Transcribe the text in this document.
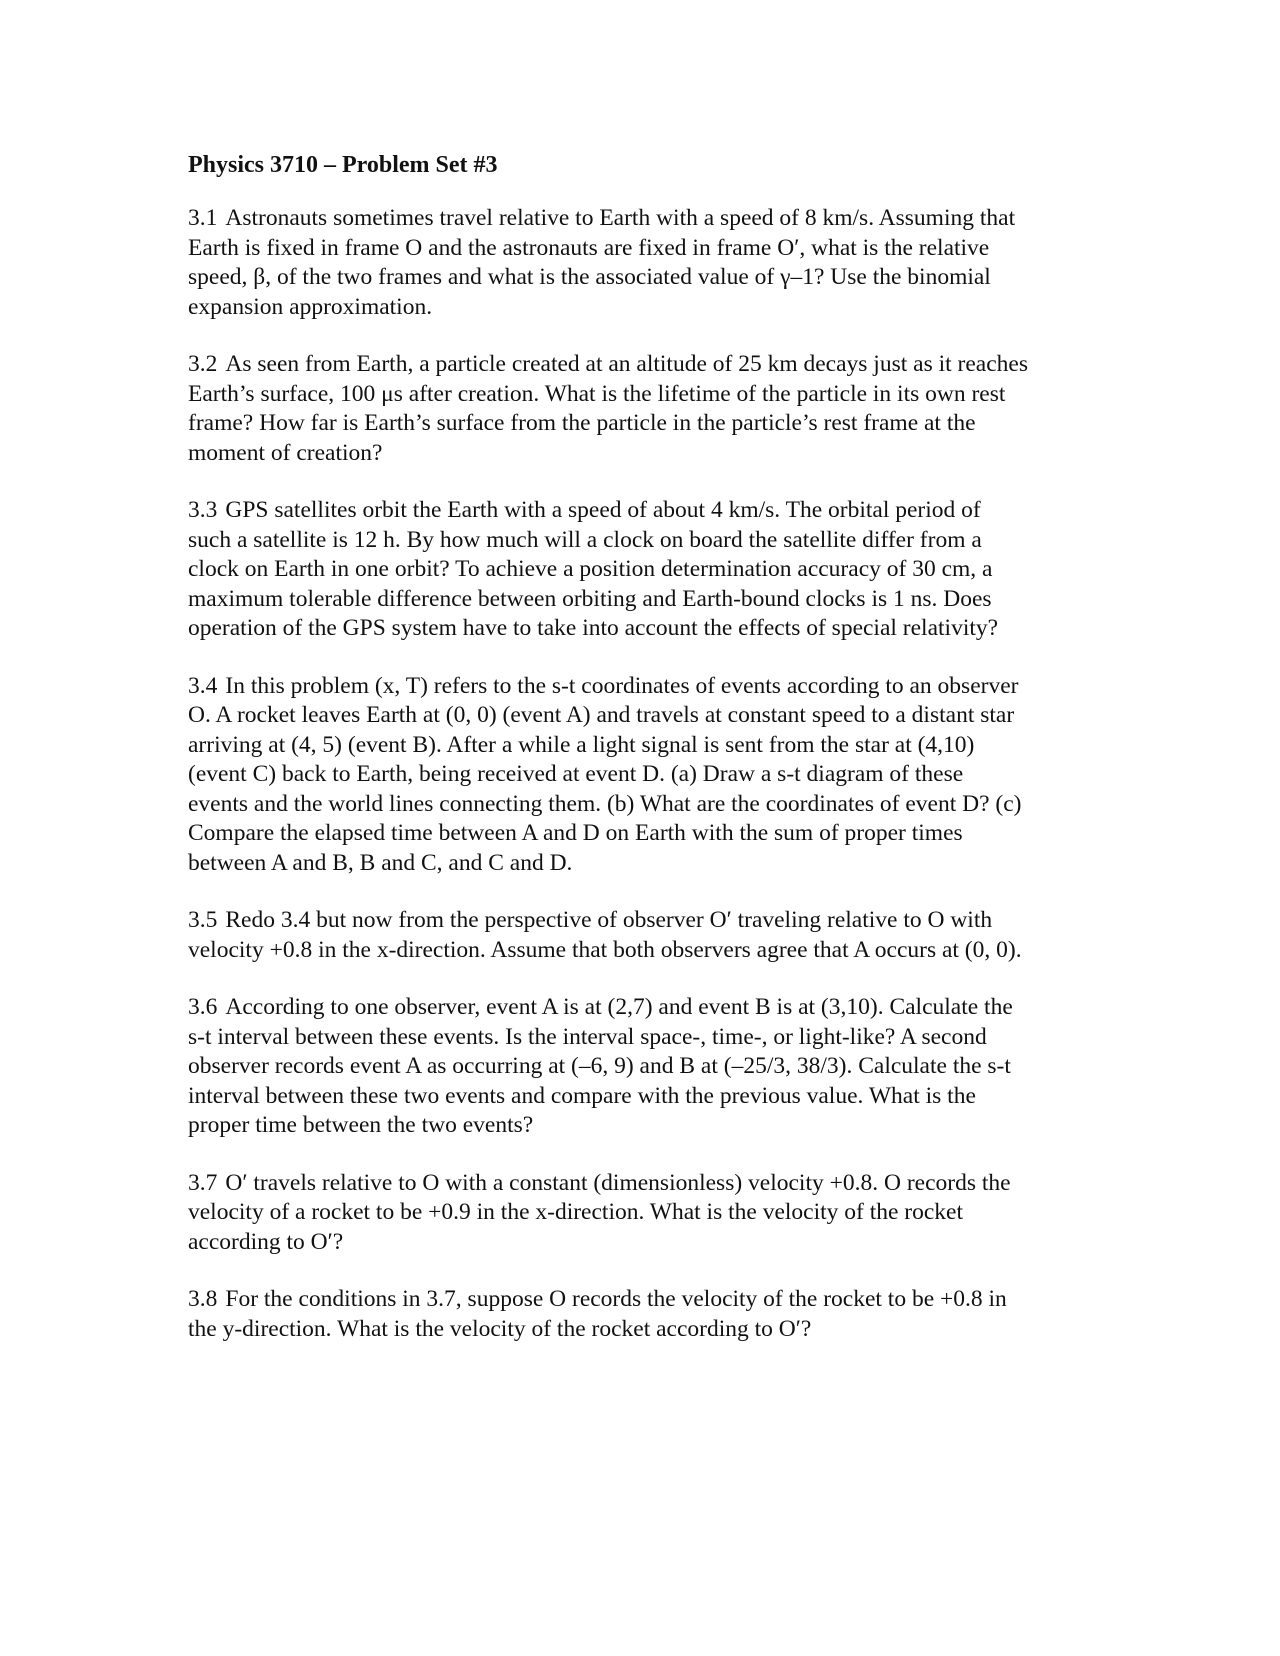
Physics 3710 – Problem Set #3
3.1 Astronauts sometimes travel relative to Earth with a speed of 8 km/s. Assuming that
Earth is fixed in frame O and the astronauts are fixed in frame O′, what is the relative
speed, β, of the two frames and what is the associated value of γ–1? Use the binomial
expansion approximation.
3.2 As seen from Earth, a particle created at an altitude of 25 km decays just as it reaches
Earth’s surface, 100 μs after creation. What is the lifetime of the particle in its own rest
frame? How far is Earth’s surface from the particle in the particle’s rest frame at the
moment of creation?
3.3 GPS satellites orbit the Earth with a speed of about 4 km/s. The orbital period of
such a satellite is 12 h. By how much will a clock on board the satellite differ from a
clock on Earth in one orbit? To achieve a position determination accuracy of 30 cm, a
maximum tolerable difference between orbiting and Earth-bound clocks is 1 ns. Does
operation of the GPS system have to take into account the effects of special relativity?
3.4 In this problem (x, T) refers to the s-t coordinates of events according to an observer
O. A rocket leaves Earth at (0, 0) (event A) and travels at constant speed to a distant star
arriving at (4, 5) (event B). After a while a light signal is sent from the star at (4,10)
(event C) back to Earth, being received at event D. (a) Draw a s-t diagram of these
events and the world lines connecting them. (b) What are the coordinates of event D? (c)
Compare the elapsed time between A and D on Earth with the sum of proper times
between A and B, B and C, and C and D.
3.5 Redo 3.4 but now from the perspective of observer O′ traveling relative to O with
velocity +0.8 in the x-direction. Assume that both observers agree that A occurs at (0, 0).
3.6 According to one observer, event A is at (2,7) and event B is at (3,10). Calculate the
s-t interval between these events. Is the interval space-, time-, or light-like? A second
observer records event A as occurring at (–6, 9) and B at (–25/3, 38/3). Calculate the s-t
interval between these two events and compare with the previous value. What is the
proper time between the two events?
3.7 O′ travels relative to O with a constant (dimensionless) velocity +0.8. O records the
velocity of a rocket to be +0.9 in the x-direction. What is the velocity of the rocket
according to O′?
3.8 For the conditions in 3.7, suppose O records the velocity of the rocket to be +0.8 in
the y-direction. What is the velocity of the rocket according to O′?
